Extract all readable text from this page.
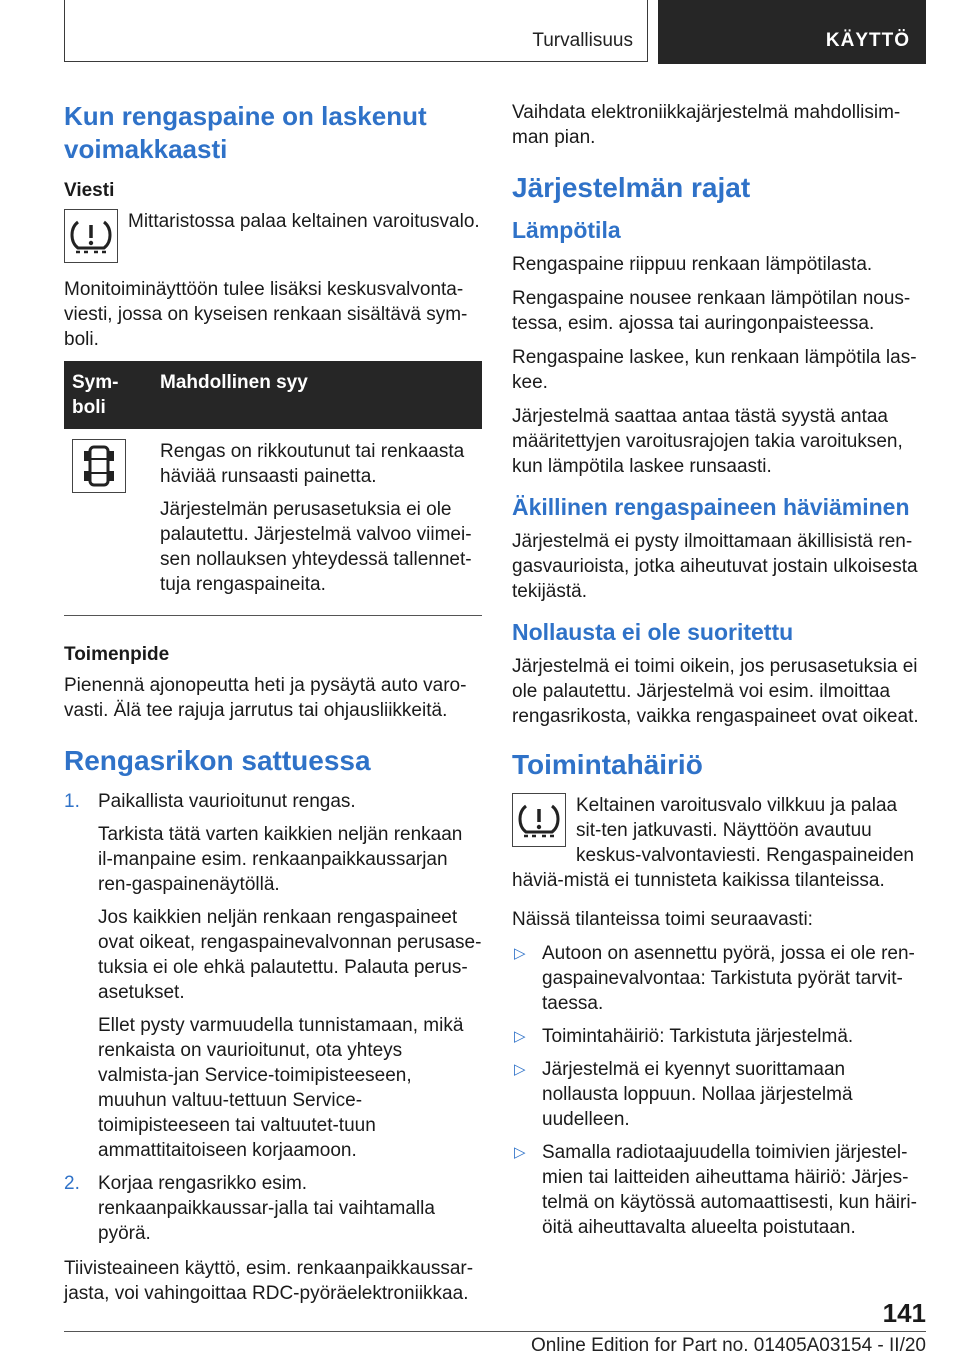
Turvallisuus	KÄYTTÖ
Kun rengaspaine on laskenut voimakkaasti

Viesti

Mittaristossa palaa keltainen varoitusvalo.

Monitoiminäyttöön tulee lisäksi keskusvalvonta-viesti, jossa on kyseisen renkaan sisältävä sym-boli.

Sym-boli	Mahdollinen syy

Rengas on rikkoutunut tai renkaasta häviää runsaasti painetta.

Järjestelmän perusasetuksia ei ole palautettu. Järjestelmä valvoo viimei-sen nollauksen yhteydessä tallennet-tuja rengaspaineita.

Toimenpide

Pienennä ajonopeutta heti ja pysäytä auto varo-vasti. Älä tee rajuja jarrutus tai ohjausliikkeitä.

Rengasrikon sattuessa
1. Paikallista vaurioitunut rengas.

Tarkista tätä varten kaikkien neljän renkaan il-manpaine esim. renkaanpaikkaussarjan ren-gaspainenäytöllä.

Jos kaikkien neljän renkaan rengaspaineet ovat oikeat, rengaspainevalvonnan perusase-tuksia ei ole ehkä palautettu. Palauta perus-asetukset.

Ellet pysty varmuudella tunnistamaan, mikä renkaista on vaurioitunut, ota yhteys valmista-jan Service-toimipisteeseen, muuhun valtuu-tettuun Service-toimipisteeseen tai valtuutet-tuun ammattitaitoiseen korjaamoon.

2. Korjaa rengasrikko esim. renkaanpaikkaussar-jalla tai vaihtamalla pyörä.

Tiivisteaineen käyttö, esim. renkaanpaikkaussar-jasta, voi vahingoittaa RDC-pyöräelektroniikkaa.

Vaihdata elektroniikkajärjestelmä mahdollisim-man pian.

Järjestelmän rajat
Lämpötila

Rengaspaine riippuu renkaan lämpötilasta.

Rengaspaine nousee renkaan lämpötilan nous-tessa, esim. ajossa tai auringonpaisteessa.

Rengaspaine laskee, kun renkaan lämpötila las-kee.

Järjestelmä saattaa antaa tästä syystä antaa määritettyjen varoitusrajojen takia varoituksen, kun lämpötila laskee runsaasti.

Äkillinen rengaspaineen häviäminen

Järjestelmä ei pysty ilmoittamaan äkillisistä ren-gasvaurioista, jotka aiheutuvat jostain ulkoisesta tekijästä.

Nollausta ei ole suoritettu

Järjestelmä ei toimi oikein, jos perusasetuksia ei ole palautettu. Järjestelmä voi esim. ilmoittaa rengasrikosta, vaikka rengaspaineet ovat oikeat.

Toimintahäiriö
Keltainen varoitusvalo vilkkuu ja palaa sit-ten jatkuvasti. Näyttöön avautuu keskus-valvontaviesti. Rengaspaineiden häviä-mistä ei tunnisteta kaikissa tilanteissa.

Näissä tilanteissa toimi seuraavasti:

▷ Autoon on asennettu pyörä, jossa ei ole ren-gaspainevalvontaa: Tarkistuta pyörät tarvit-taessa.
▷ Toimintahäiriö: Tarkistuta järjestelmä.
▷ Järjestelmä ei kyennyt suorittamaan nollausta loppuun. Nollaa järjestelmä uudelleen.
▷ Samalla radiotaajuudella toimivien järjestel-mien tai laitteiden aiheuttama häiriö: Järjes-telmä on käytössä automaattisesti, kun häiri-öitä aiheuttavalta alueelta poistutaan.
141
Online Edition for Part no. 01405A03154 - II/20
